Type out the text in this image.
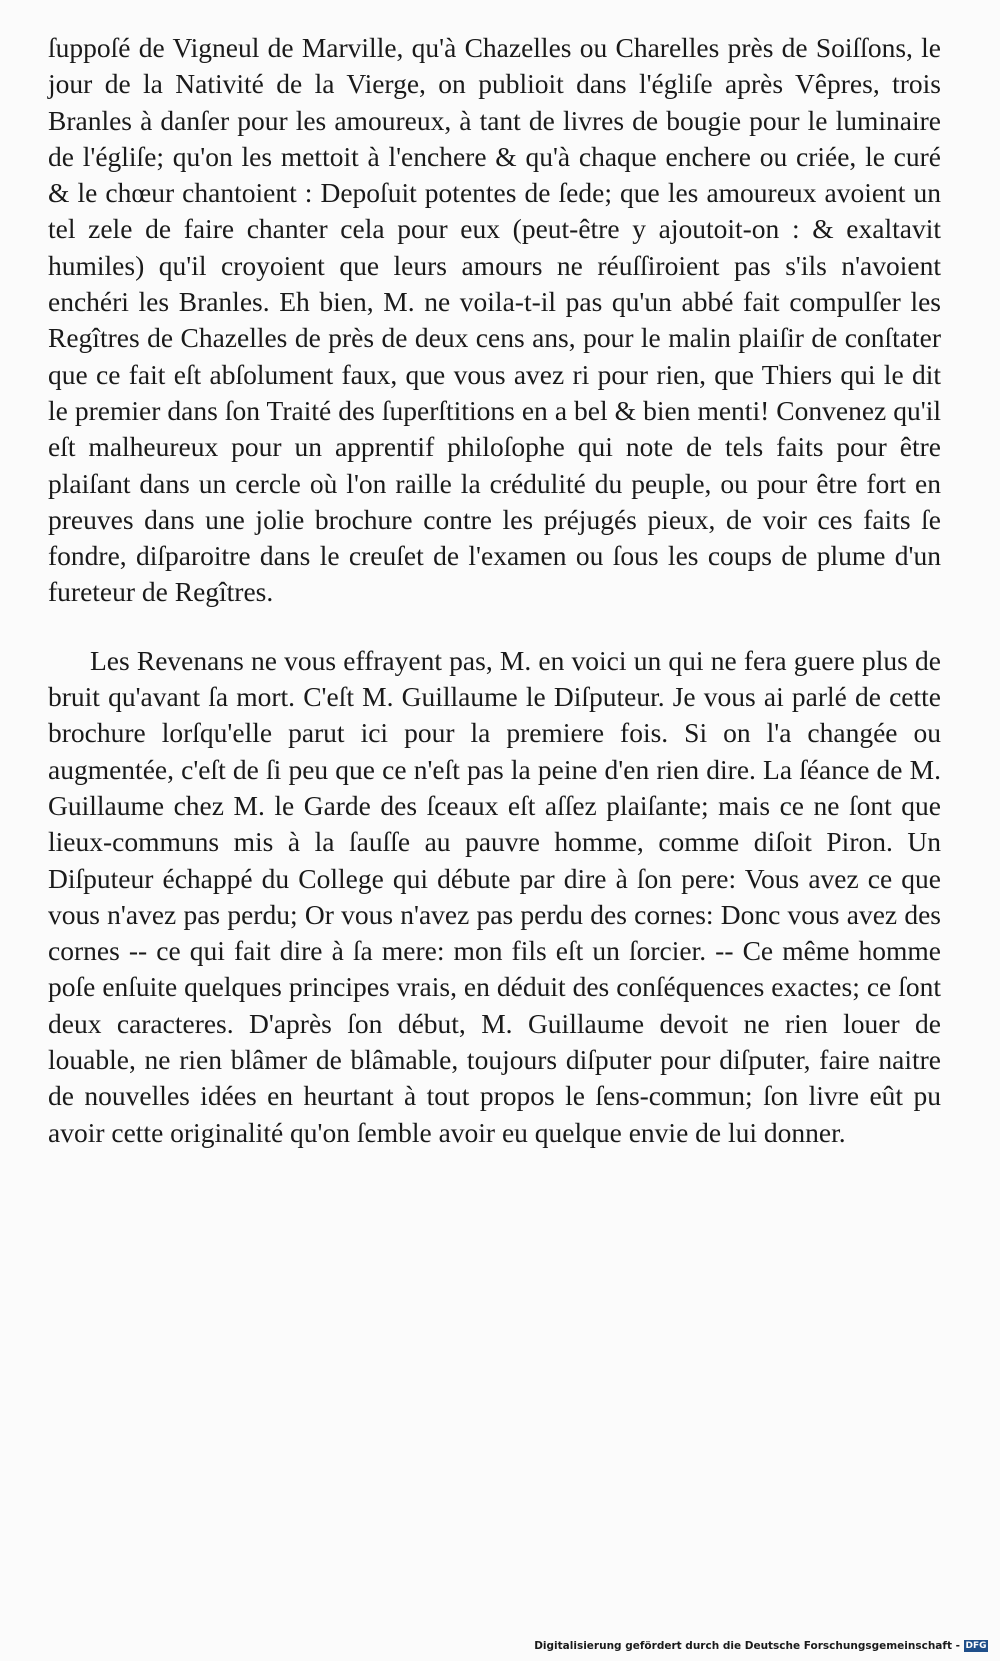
ſuppoſé de Vigneul de Marville, qu'à Chazelles ou Charelles près de Soiſſons, le jour de la Nativité de la Vierge, on publioit dans l'égliſe après Vêpres, trois Branles à danſer pour les amoureux, à tant de livres de bougie pour le luminaire de l'égliſe; qu'on les mettoit à l'enchere & qu'à chaque enchere ou criée, le curé & le chœur chantoient : Depoſuit potentes de ſede; que les amoureux avoient un tel zele de faire chanter cela pour eux (peut-être y ajoutoit-on : & exaltavit humiles) qu'il croyoient que leurs amours ne réuſſiroient pas s'ils n'avoient enchéri les Branles. Eh bien, M. ne voila-t-il pas qu'un abbé fait compulſer les Regîtres de Chazelles de près de deux cens ans, pour le malin plaiſir de conſtater que ce fait eſt abſolument faux, que vous avez ri pour rien, que Thiers qui le dit le premier dans ſon Traité des ſuperſtitions en a bel & bien menti! Convenez qu'il eſt malheureux pour un apprentif philoſophe qui note de tels faits pour être plaiſant dans un cercle où l'on raille la crédulité du peuple, ou pour être fort en preuves dans une jolie brochure contre les préjugés pieux, de voir ces faits ſe fondre, diſparoitre dans le creuſet de l'examen ou ſous les coups de plume d'un fureteur de Regîtres.

Les Revenans ne vous effrayent pas, M. en voici un qui ne fera guere plus de bruit qu'avant ſa mort. C'eſt M. Guillaume le Diſputeur. Je vous ai parlé de cette brochure lorſqu'elle parut ici pour la premiere fois. Si on l'a changée ou augmentée, c'eſt de ſi peu que ce n'eſt pas la peine d'en rien dire. La ſéance de M. Guillaume chez M. le Garde des ſceaux eſt aſſez plaiſante; mais ce ne ſont que lieux-communs mis à la ſauſſe au pauvre homme, comme diſoit Piron. Un Diſputeur échappé du College qui débute par dire à ſon pere: Vous avez ce que vous n'avez pas perdu; Or vous n'avez pas perdu des cornes: Donc vous avez des cornes -- ce qui fait dire à ſa mere: mon fils eſt un ſorcier. -- Ce même homme poſe enſuite quelques principes vrais, en déduit des conſéquences exactes; ce ſont deux caracteres. D'après ſon début, M. Guillaume devoit ne rien louer de louable, ne rien blâmer de blâmable, toujours diſputer pour diſputer, faire naitre de nouvelles idées en heurtant à tout propos le ſens-commun; ſon livre eût pu avoir cette originalité qu'on ſemble avoir eu quelque envie de lui donner.

Digitalisierung gefördert durch die Deutsche Forschungsgemeinschaft - DFG
